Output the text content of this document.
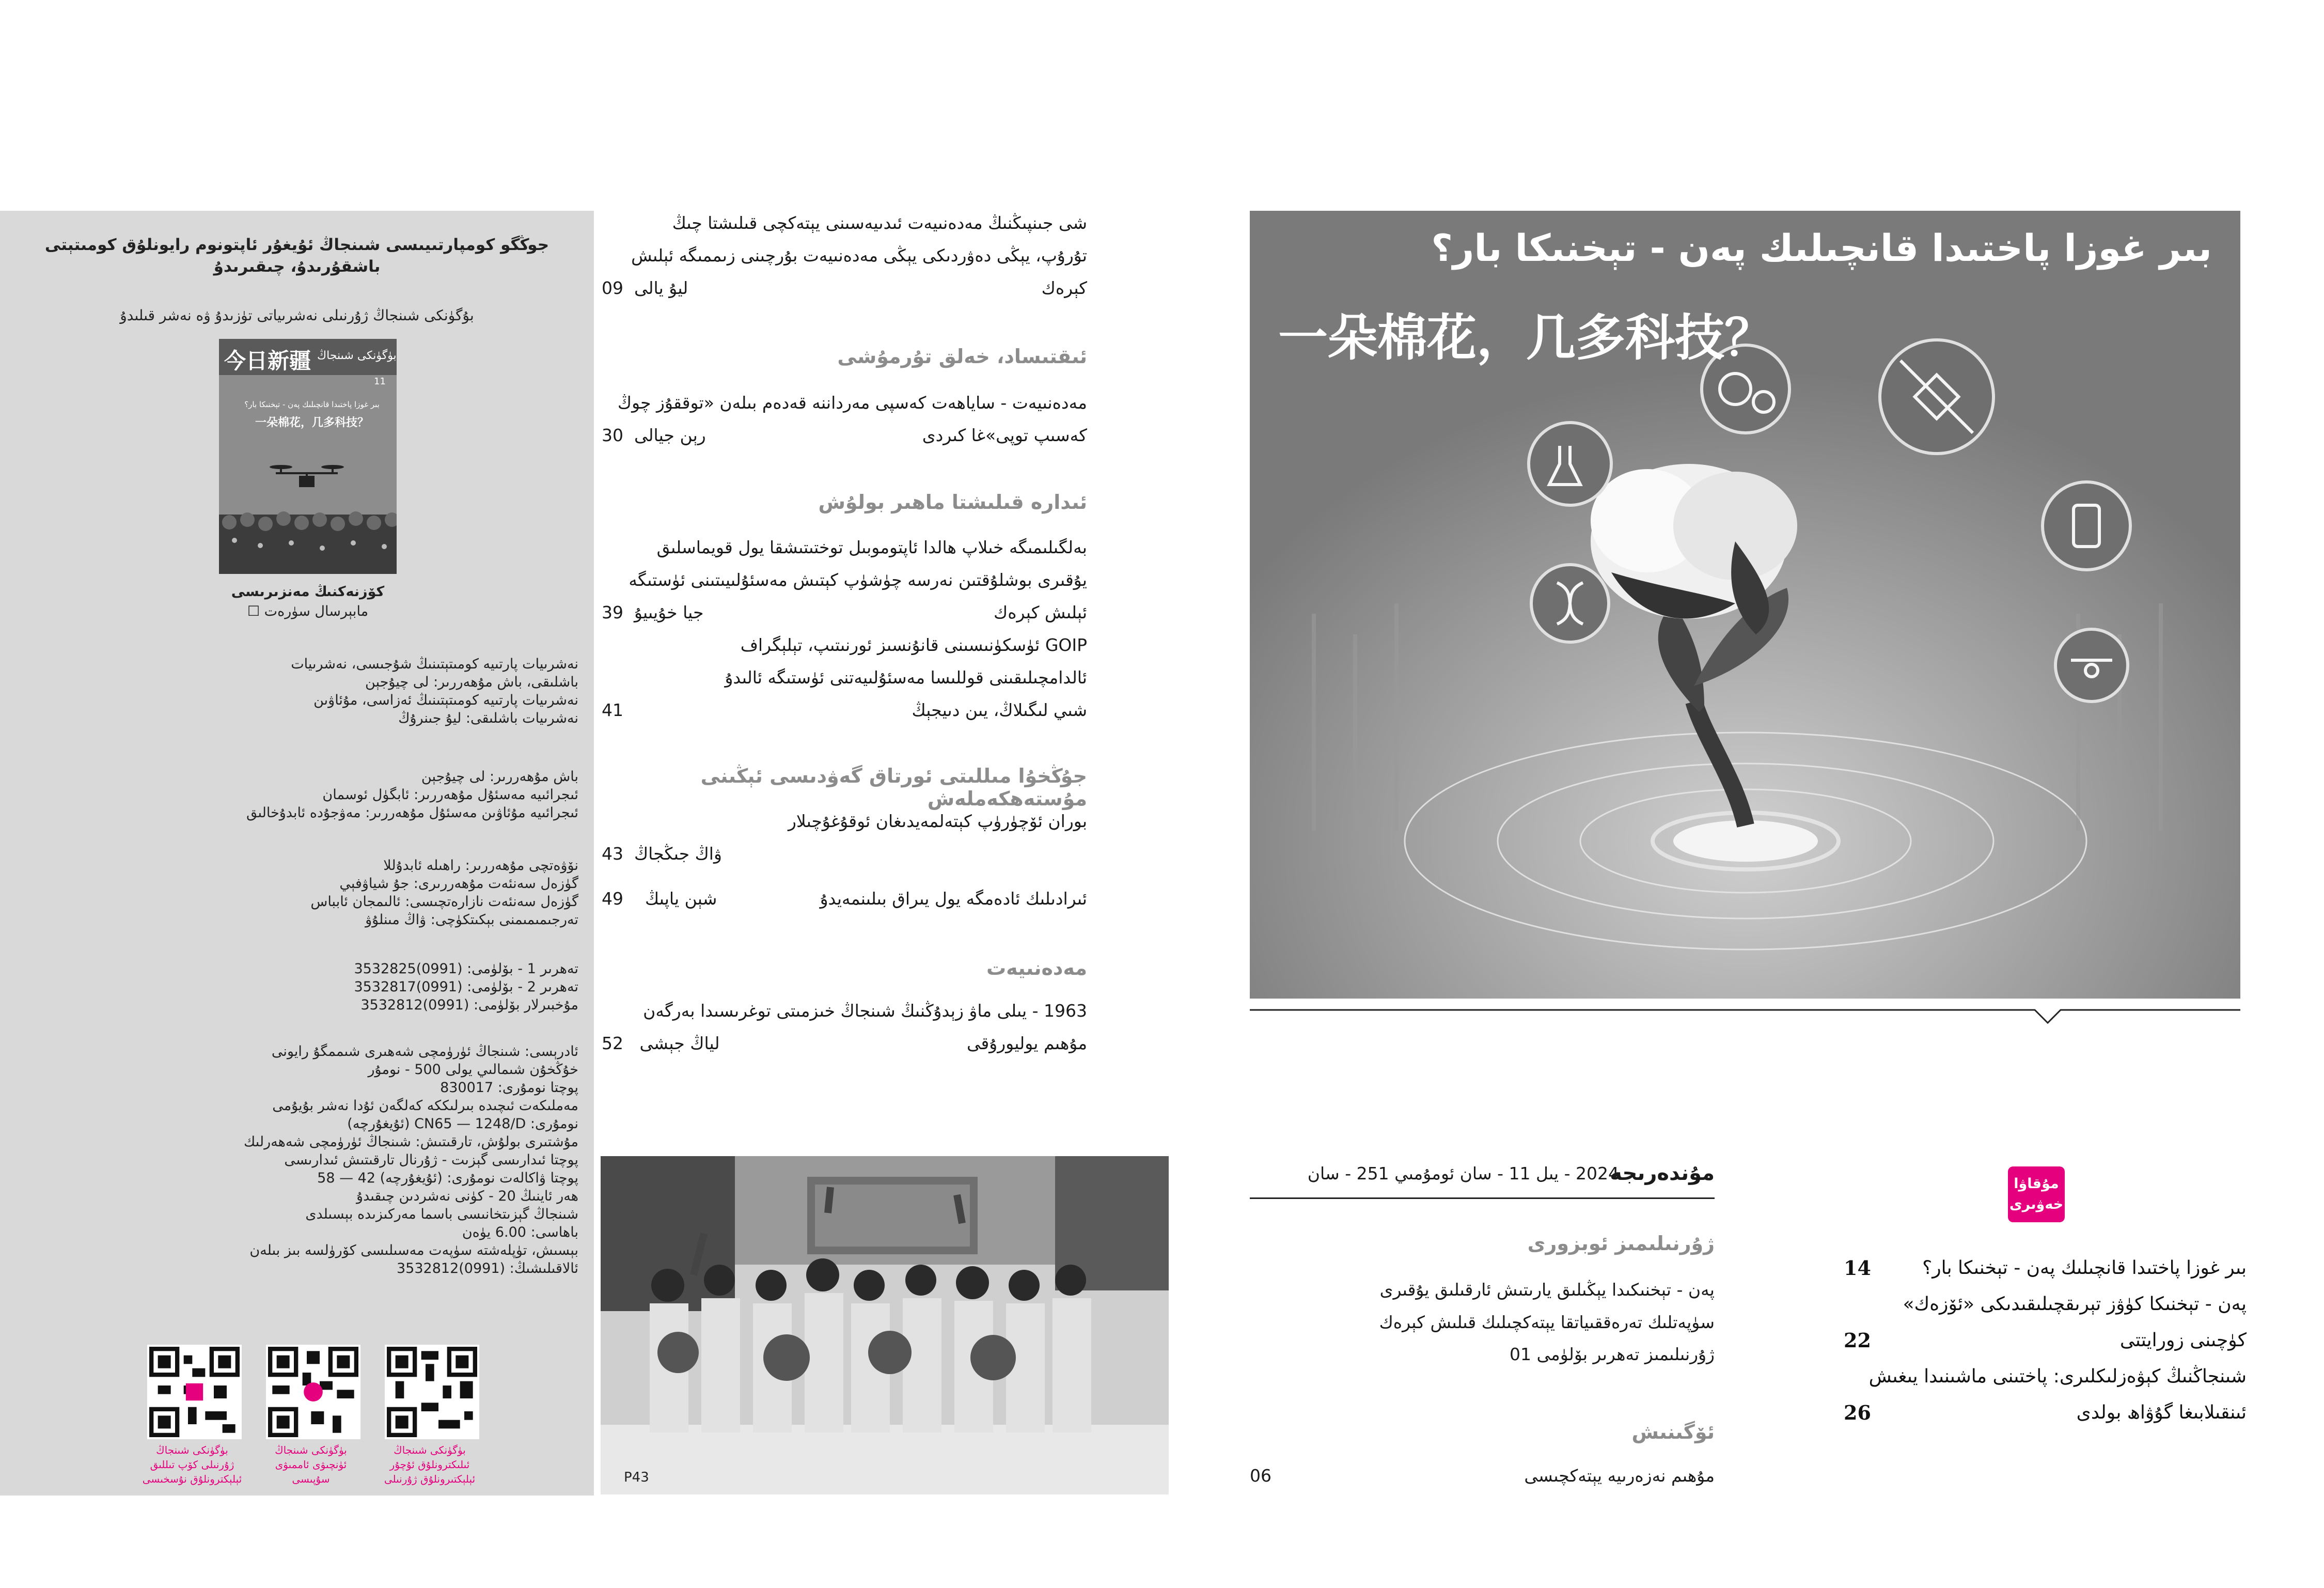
جوڭگو كومپارتىيىسى شىنجاڭ ئۇيغۇر ئاپتونوم رايونلۇق كومىتېتى باشقۇرىدۇ، چىقىرىدۇ
بۇگۈنكى شىنجاڭ ژۇرنىلى نەشرىياتى تۈزىدۇ ۋە نەشر قىلىدۇ
今日新疆 بۈگۈنكى شىنجاڭ
11
بىر غوزا پاختىدا قانچىلىك پەن - تېخنىكا بار؟
一朵棉花，几多科技？
كۆزنەكنىڭ مەنزىرىسى
مابېرسال سۈرەت ☐
نەشرىيات پارتىيە كومىتېتىنىڭ شۇجىسى، نەشرىيات
باشلىقى، باش مۇھەررىر: لى چيۇجېن
نەشرىيات پارتىيە كومىتېتىنىڭ ئەزاسى، مۇئاۋىن
نەشرىيات باشلىقى: ليۇ جىنرۇڭ
باش مۇھەررىر: لى چيۇجېن
ئىجرائىيە مەسئۇل مۇھەررىر: ئابگۈل ئوسمان
ئىجرائىيە مۇئاۋىن مەسئۇل مۇھەررىر: مەۋجۇدە ئابدۇخالىق
نۆۋەتچى مۇھەررىر: راھىلە ئابدۇللا
گۈزەل سەنئەت مۇھەررىرى: جۇ شياۋفېي
گۈزەل سەنئەت نازارەتچىسى: ئالىمجان ئابباس
تەرجىمىمىمنى بېكىتكۈچى: ۋاڭ مىنلۇۋ
تەھرىر 1 - بۆلۈمى: (0991)3532825
تەھرىر 2 - بۆلۈمى: (0991)3532817
مۇخبىرلار بۆلۈمى: (0991)3532812
ئادرېسى: شىنجاڭ ئۈرۈمچى شەھىرى شىممگۇ رايونى
خۇڭخۇن شىمالىي يولى 500 - نومۇر
پوچتا نومۇرى: 830017
مەملىكەت ئىچىدە بىرلىككە كەلگەن ئۇدا نەشر بۇيۇمى
نومۇرى: CN65 — 1248/D (ئۇيغۇرچە)
مۇشتىرى بولۇش، تارقىتىش: شىنجاڭ ئۈرۈمچى شەھەرلىك
پوچتا ئىدارىسى گېزىت - ژۇرنال تارقىتىش ئىدارىسى
پوچتا ۋاكالەت نومۇرى: (ئۇيغۇرچە) 42 — 58
ھەر ئاينىڭ 20 - كۈنى نەشردىن چىقىدۇ
شىنجاڭ گېزىتخانىسى باسما مەركىزىدە بېسىلدى
باھاسى: 6.00 يۈەن
بېسىش، تۈپلەشتە سۈپەت مەسىلىسى كۆرۈلسە بىز بىلەن
ئالاقىلىشىڭ: (0991)3532812
بۈگۈنكى شىنجاڭ ژۇرنىلى كۆپ تىللىق ئېلېكترونلۇق نۇسخىسى
بۈگۈنكى شىنجاڭ ئۈنچىۋى ئاممىۋى سۇپىسى
بۈگۈنكى شىنجاڭ ئىلىكترونلۇق ئۇچۇر ئېلېكتىرونلۇق ژۇرنىلى
شى جىنپىڭنىڭ مەدەنىيەت ئىدىيەسىنى يېتەكچى قىلىشتا چىڭ
تۇرۇپ، يېڭى دەۋردىكى يېڭى مەدەنىيەت بۇرچىنى زىممىگە ئېلىش
كېرەك
09 ليۇ يالى
ئىقتىساد، خەلق تۇرمۇشى
مەدەنىيەت - ساياھەت كەسپى مەرداننە قەدەم بىلەن «توققۇز چوڭ
كەسىپ توپى»غا كىردى
30 رېن جيالى
ئىدارە قىلىشتا ماھىر بولۇش
بەلگىلىمىگە خىلاپ ھالدا ئاپتوموبىل توختىتىشقا يول قويماسلىق
يۇقىرى بوشلۇقتىن نەرسە چۈشۈپ كېتىش مەسئۇلىيىتىنى ئۈستىگە
ئېلىش كېرەك
39 جيا خۇيىيۇ
GOIP ئۈسكۈنىسىنى قانۇنسىز ئورنىتىپ، تېلېگراف
ئالدامچىلىقىنى قوللىسا مەسئۇلىيەتنى ئۈستىگە ئالىدۇ
شىي لىگىلاڭ، يىن دىيجېڭ
41
جۇڭخۇا مىللىتى ئورتاق گەۋدىسى ئېڭىنى مۇستەھكەملەش
بوران ئۆچۈرۈپ كېتەلمەيدىغان ئوقۇغۇچىلار
43 ۋاڭ جىڭجاڭ
ئىرادىلىك ئادەمگە يول يىراق بىلىنمەيدۇ
49 شېن ياپىڭ
مەدەنىيەت
1963 - يىلى ماۋ زېدۇڭنىڭ شىنجاڭ خىزمىتى توغرىسىدا بەرگەن
مۇھىم يوليورۇقى
52 لياڭ جېشى
P43
بىر غوزا پاختىدا قانچىلىك پەن - تېخنىكا بار؟
一朵棉花，几多科技？
مۇندەرىجە
2024 - يىل 11 - سان ئومۇمىي 251 - سان
ژۇرنىلىمىز ئوبزورى
پەن - تېخنىكىدا يېڭىلىق يارىتىش ئارقىلىق يۇقىرى
سۈپەتلىك تەرەققىياتقا يېتەكچىلىك قىلىش كېرەك
ژۇرنىلىمىز تەھرىر بۆلۈمى 01
ئۆگىنىش
مۇھىم نەزەرىيە يېتەكچىسى
06
مۇقاۋا
خەۋىرى
بىر غوزا پاختىدا قانچىلىك پەن - تېخنىكا بار؟
14
پەن - تېخنىكا كۈۋز تېرىقچىلىقىدىكى «ئۆزەك»
كۈچىنى زورايتتى
22
شىنجاڭنىڭ كېۋەزلىكلىرى: پاختىنى ماشىنىدا يىغىش
ئىنقىلابىغا گۇۋاھ بولدى
26
